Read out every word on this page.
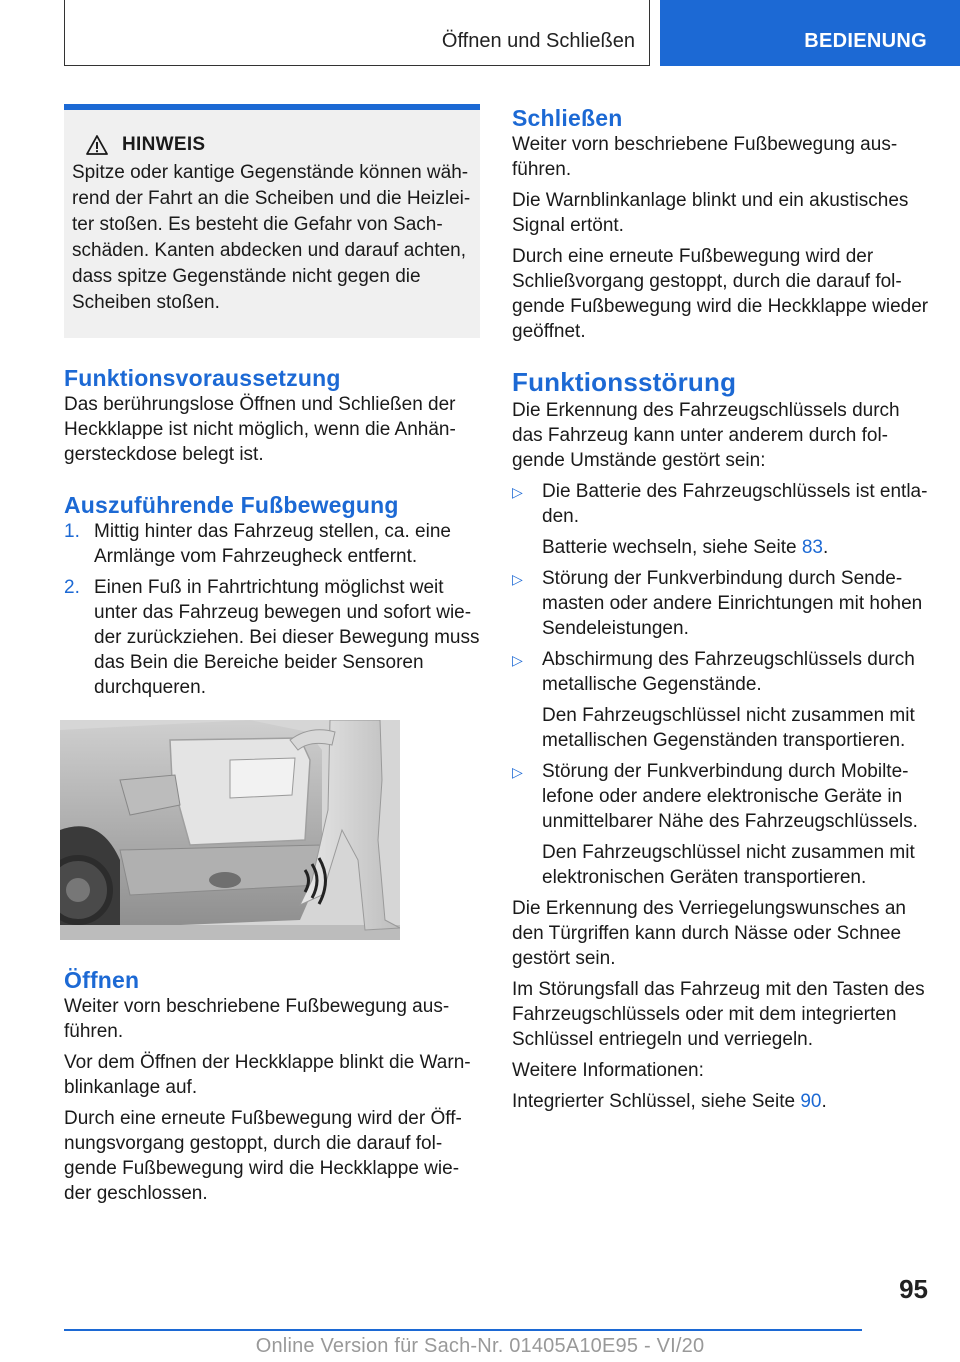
Öffnen und Schließen	BEDIENUNG
HINWEIS

Spitze oder kantige Gegenstände können während der Fahrt an die Scheiben und die Heizleiter stoßen. Es besteht die Gefahr von Sachschäden. Kanten abdecken und darauf achten, dass spitze Gegenstände nicht gegen die Scheiben stoßen.

Funktionsvoraussetzung

Das berührungslose Öffnen und Schließen der Heckklappe ist nicht möglich, wenn die Anhängersteckdose belegt ist.

Auszuführende Fußbewegung
1. Mittig hinter das Fahrzeug stellen, ca. eine Armlänge vom Fahrzeugheck entfernt.
2. Einen Fuß in Fahrtrichtung möglichst weit unter das Fahrzeug bewegen und sofort wieder zurückziehen. Bei dieser Bewegung muss das Bein die Bereiche beider Sensoren durchqueren.
Öffnen

Weiter vorn beschriebene Fußbewegung ausführen.

Vor dem Öffnen der Heckklappe blinkt die Warnblinkanlage auf.

Durch eine erneute Fußbewegung wird der Öffnungsvorgang gestoppt, durch die darauf folgende Fußbewegung wird die Heckklappe wieder geschlossen.

Schließen

Weiter vorn beschriebene Fußbewegung ausführen.

Die Warnblinkanlage blinkt und ein akustisches Signal ertönt.

Durch eine erneute Fußbewegung wird der Schließvorgang gestoppt, durch die darauf folgende Fußbewegung wird die Heckklappe wieder geöffnet.

Funktionsstörung

Die Erkennung des Fahrzeugschlüssels durch das Fahrzeug kann unter anderem durch folgende Umstände gestört sein:

▷	Die Batterie des Fahrzeugschlüssels ist entladen.

Batterie wechseln, siehe Seite 83.

▷	Störung der Funkverbindung durch Sendemasten oder andere Einrichtungen mit hohen Sendeleistungen.

▷	Abschirmung des Fahrzeugschlüssels durch metallische Gegenstände.

Den Fahrzeugschlüssel nicht zusammen mit metallischen Gegenständen transportieren.

▷	Störung der Funkverbindung durch Mobiltelefone oder andere elektronische Geräte in unmittelbarer Nähe des Fahrzeugschlüssels.

Den Fahrzeugschlüssel nicht zusammen mit elektronischen Geräten transportieren.

Die Erkennung des Verriegelungswunsches an den Türgriffen kann durch Nässe oder Schnee gestört sein.

Im Störungsfall das Fahrzeug mit den Tasten des Fahrzeugschlüssels oder mit dem integrierten Schlüssel entriegeln und verriegeln.

Weitere Informationen:

Integrierter Schlüssel, siehe Seite 90.

95
Online Version für Sach-Nr. 01405A10E95 - VI/20
